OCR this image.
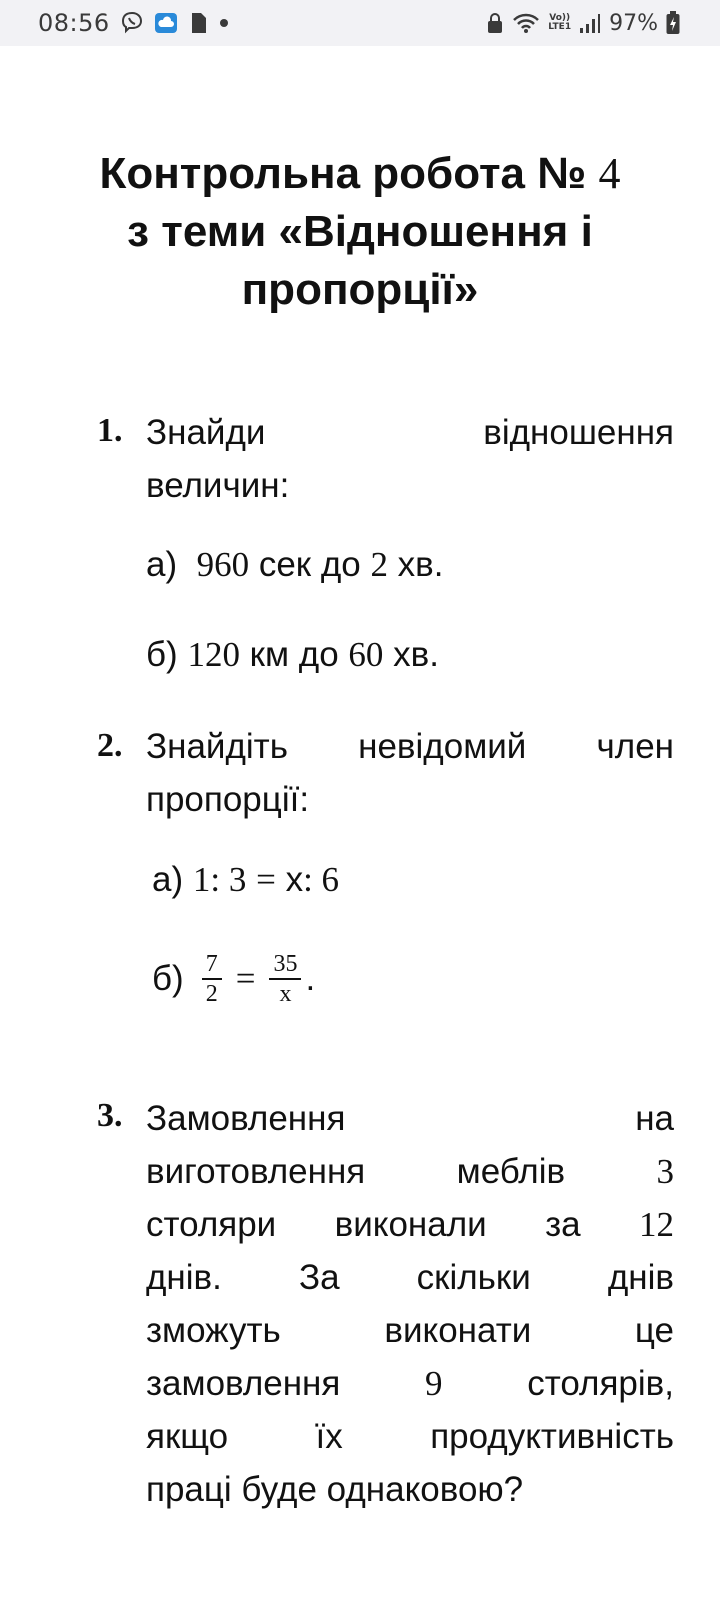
08:56	Vo))
LTE1 97%
Контрольна робота № 4
з теми «Відношення і
пропорції»
1. Знайди	відношення
величин:
а) 960 сек до 2 хв.
б) 120 км до 60 хв.
2. Знайдіть невідомий член
пропорції:
а) 1: 3 = х: 6
$б) \frac{7}{2} = \frac{35}{х}$ .
3. Замовлення	на
виготовлення	меблів	3
столяри виконали за 12
днів. За скільки днів
зможуть	виконати	це
замовлення 9 столярів,
якщо їх продуктивність
праці буде однаковою?
